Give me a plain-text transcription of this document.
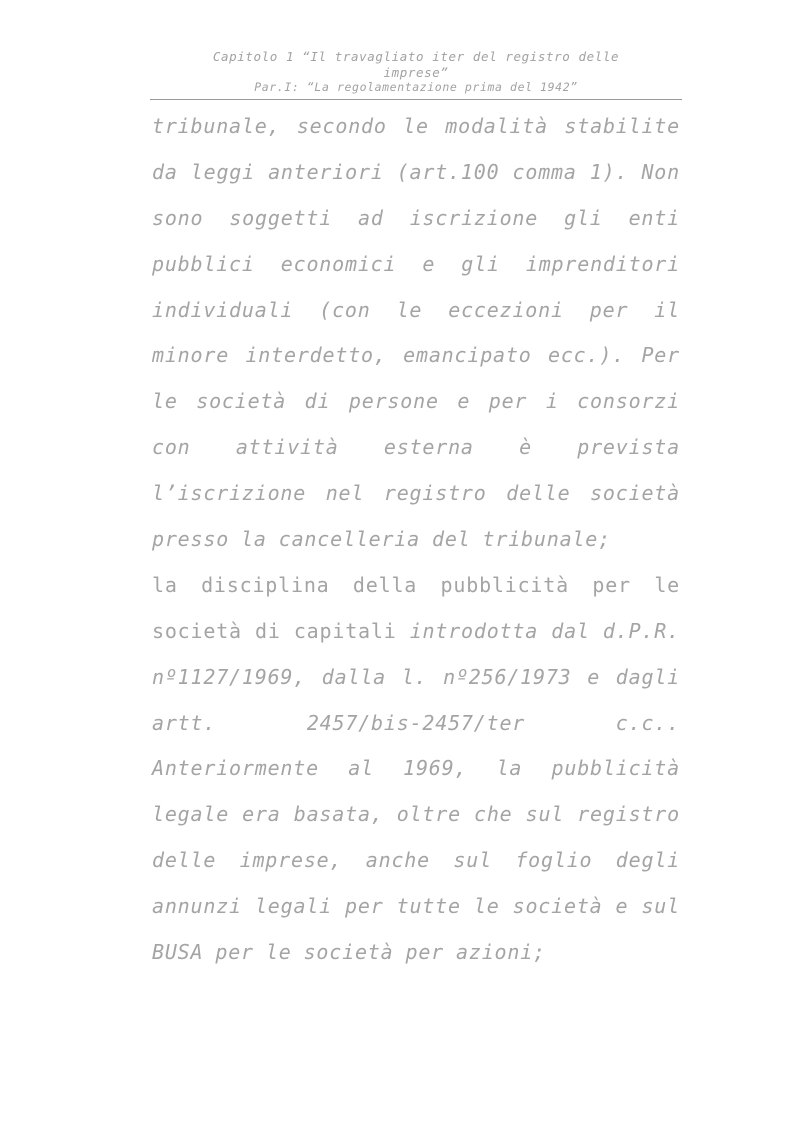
Capitolo 1 “Il travagliato iter del registro delle
imprese”
Par.I: “La regolamentazione prima del 1942”
tribunale, secondo le modalità stabilite
da leggi anteriori (art.100 comma 1). Non
sono soggetti ad iscrizione gli enti
pubblici economici e gli imprenditori
individuali (con le eccezioni per il
minore interdetto, emancipato ecc.). Per
le società di persone e per i consorzi
con attività esterna è prevista
l’iscrizione nel registro delle società
presso la cancelleria del tribunale;
la disciplina della pubblicità per le
società di capitali introdotta dal d.P.R.
nº1127/1969, dalla l. nº256/1973 e dagli
artt.	2457/bis-2457/ter	c.c..
Anteriormente al 1969, la pubblicità
legale era basata, oltre che sul registro
delle imprese, anche sul foglio degli
annunzi legali per tutte le società e sul
BUSA per le società per azioni;
